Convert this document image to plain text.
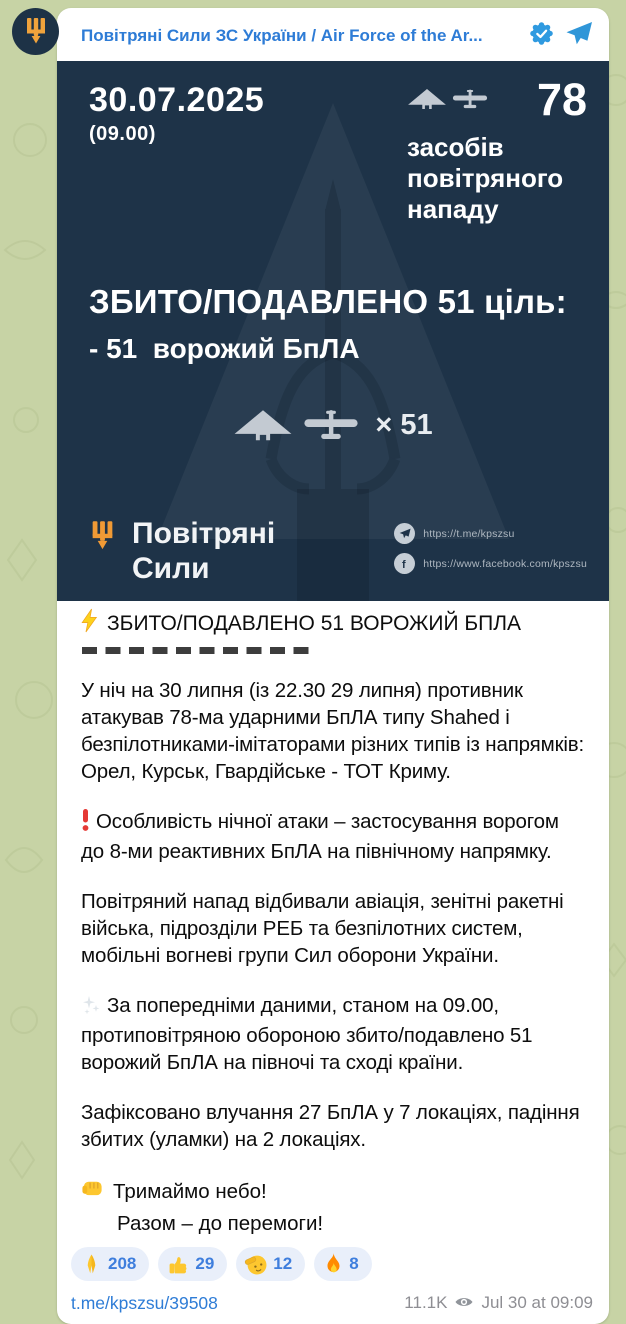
Повітряні Сили ЗС України / Air Force of the Ar...
30.07.2025
(09.00)
78
засобів
повітряного
нападу
ЗБИТО/ПОДАВЛЕНО 51 ціль:
- 51  ворожий БпЛА
× 51
Повітряні
Сили
https://t.me/kpszsu
f https://www.facebook.com/kpszsu
ЗБИТО/ПОДАВЛЕНО 51 ВОРОЖИЙ БПЛА
У ніч на 30 липня (із 22.30 29 липня) противник атакував 78-ма ударними БпЛА типу Shahed і безпілотниками-імітаторами різних типів із напрямків: Орел, Курськ, Гвардійське - ТОТ Криму.
Особливість нічної атаки – застосування ворогом до 8-ми реактивних БпЛА на північному напрямку.
Повітряний напад відбивали авіація, зенітні ракетні війська, підрозділи РЕБ та безпілотних систем, мобільні вогневі групи Сил оборони України.
За попередніми даними, станом на 09.00, протиповітряною обороною збито/подавлено 51 ворожий БпЛА на півночі та сході країни.
Зафіксовано влучання 27 БпЛА у 7 локаціях, падіння збитих (уламки) на 2 локаціях.
Тримаймо небо!
Разом – до перемоги!
208	29	12	8
t.me/kpszsu/39508	11.1K Jul 30 at 09:09
